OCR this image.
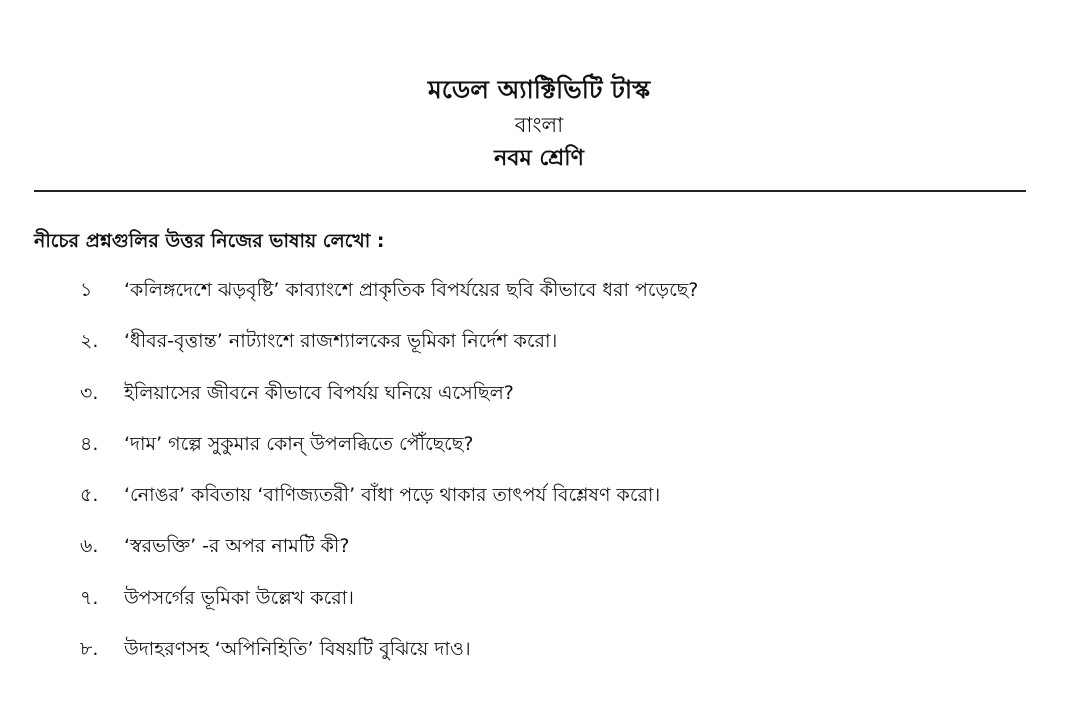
মডেল অ্যাক্টিভিটি টাস্ক

বাংলা

নবম শ্রেণি

নীচের প্রশ্নগুলির উত্তর নিজের ভাষায় লেখো :
১	‘কলিঙ্গদেশে ঝড়বৃষ্টি’ কাব্যাংশে প্রাকৃতিক বিপর্যয়ের ছবি কীভাবে ধরা পড়েছে?
২.	‘ধীবর-বৃত্তান্ত’ নাট্যাংশে রাজশ্যালকের ভূমিকা নির্দেশ করো।
৩.	ইলিয়াসের জীবনে কীভাবে বিপর্যয় ঘনিয়ে এসেছিল?
৪.	‘দাম’ গল্পে সুকুমার কোন্ উপলব্ধিতে পৌঁছেছে?
৫.	‘নোঙর’ কবিতায় ‘বাণিজ্যতরী’ বাঁধা পড়ে থাকার তাৎপর্য বিশ্লেষণ করো।
৬.	‘স্বরভক্তি’ -র অপর নামটি কী?
৭.	উপসর্গের ভূমিকা উল্লেখ করো।
৮.	উদাহরণসহ ‘অপিনিহিতি’ বিষয়টি বুঝিয়ে দাও।
